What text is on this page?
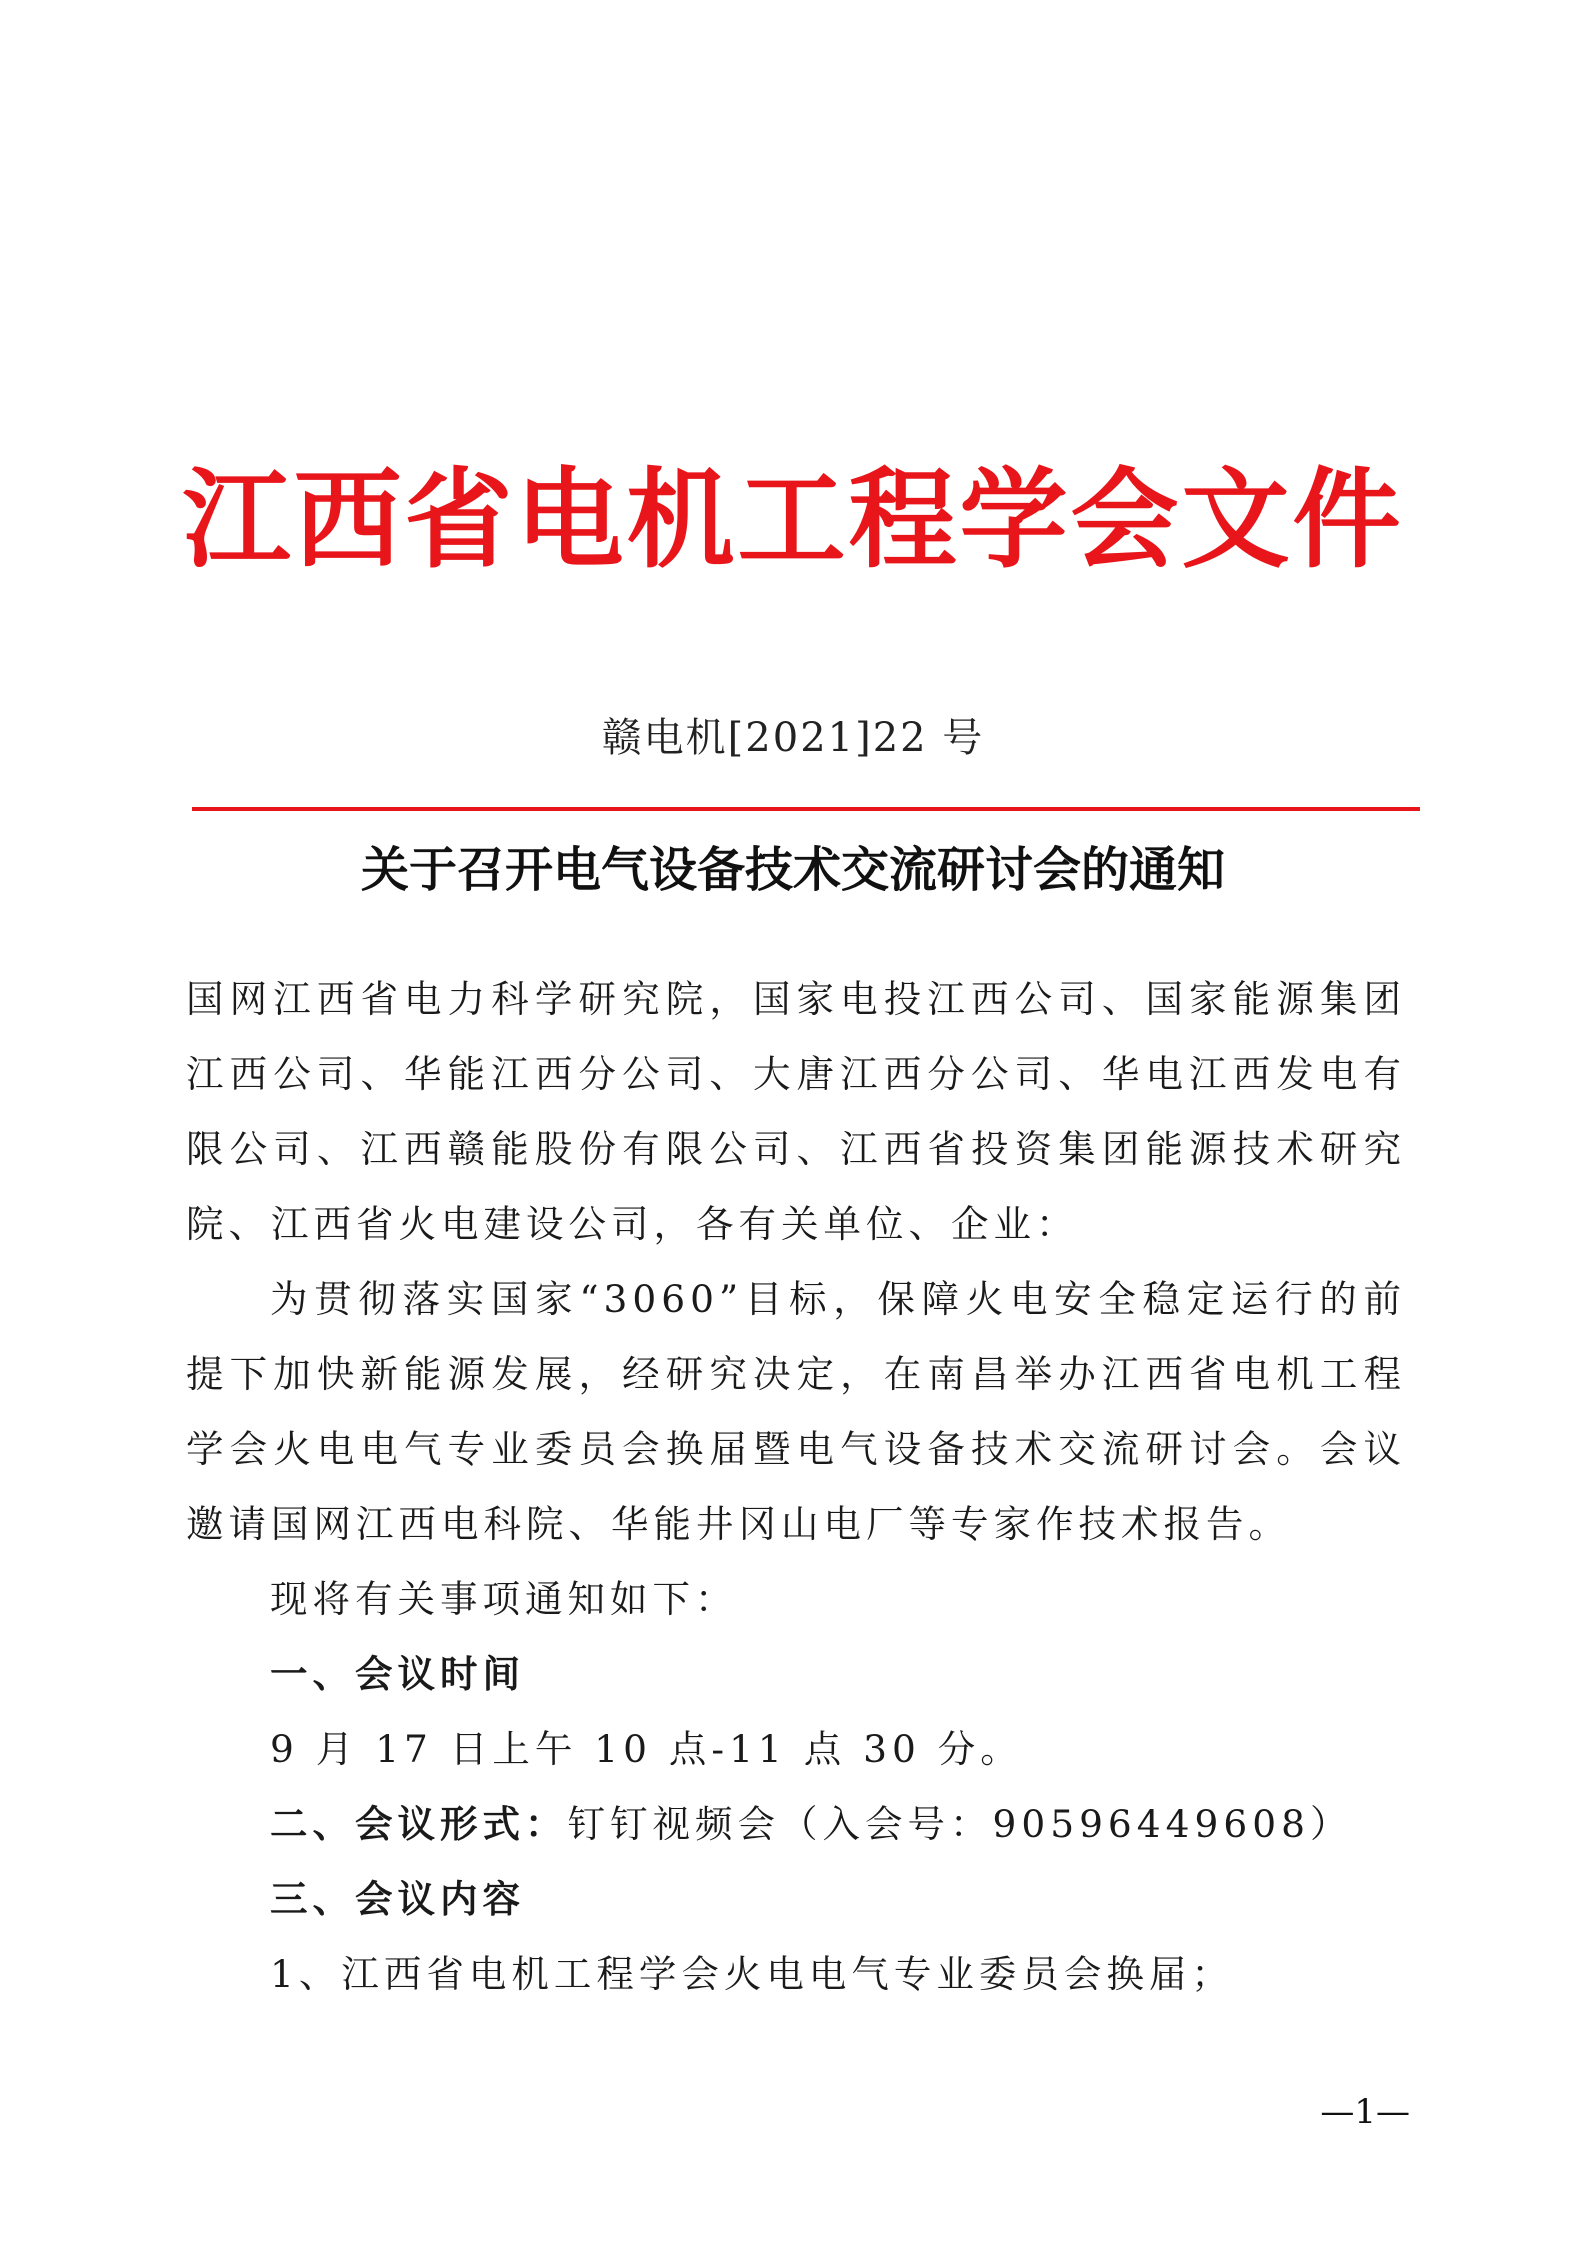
江西省电机工程学会文件
赣电机[2021]22 号
关于召开电气设备技术交流研讨会的通知

国网江西省电力科学研究院，国家电投江西公司、国家能源集团江西公司、华能江西分公司、大唐江西分公司、华电江西发电有限公司、江西赣能股份有限公司、江西省投资集团能源技术研究院、江西省火电建设公司，各有关单位、企业：

为贯彻落实国家“3060”目标，保障火电安全稳定运行的前提下加快新能源发展，经研究决定，在南昌举办江西省电机工程学会火电电气专业委员会换届暨电气设备技术交流研讨会。会议邀请国网江西电科院、华能井冈山电厂等专家作技术报告。

现将有关事项通知如下：

一、会议时间

9 月 17 日上午 10 点-11 点 30 分。

二、会议形式：钉钉视频会（入会号：90596449608）

三、会议内容

1、江西省电机工程学会火电电气专业委员会换届；

—1—
